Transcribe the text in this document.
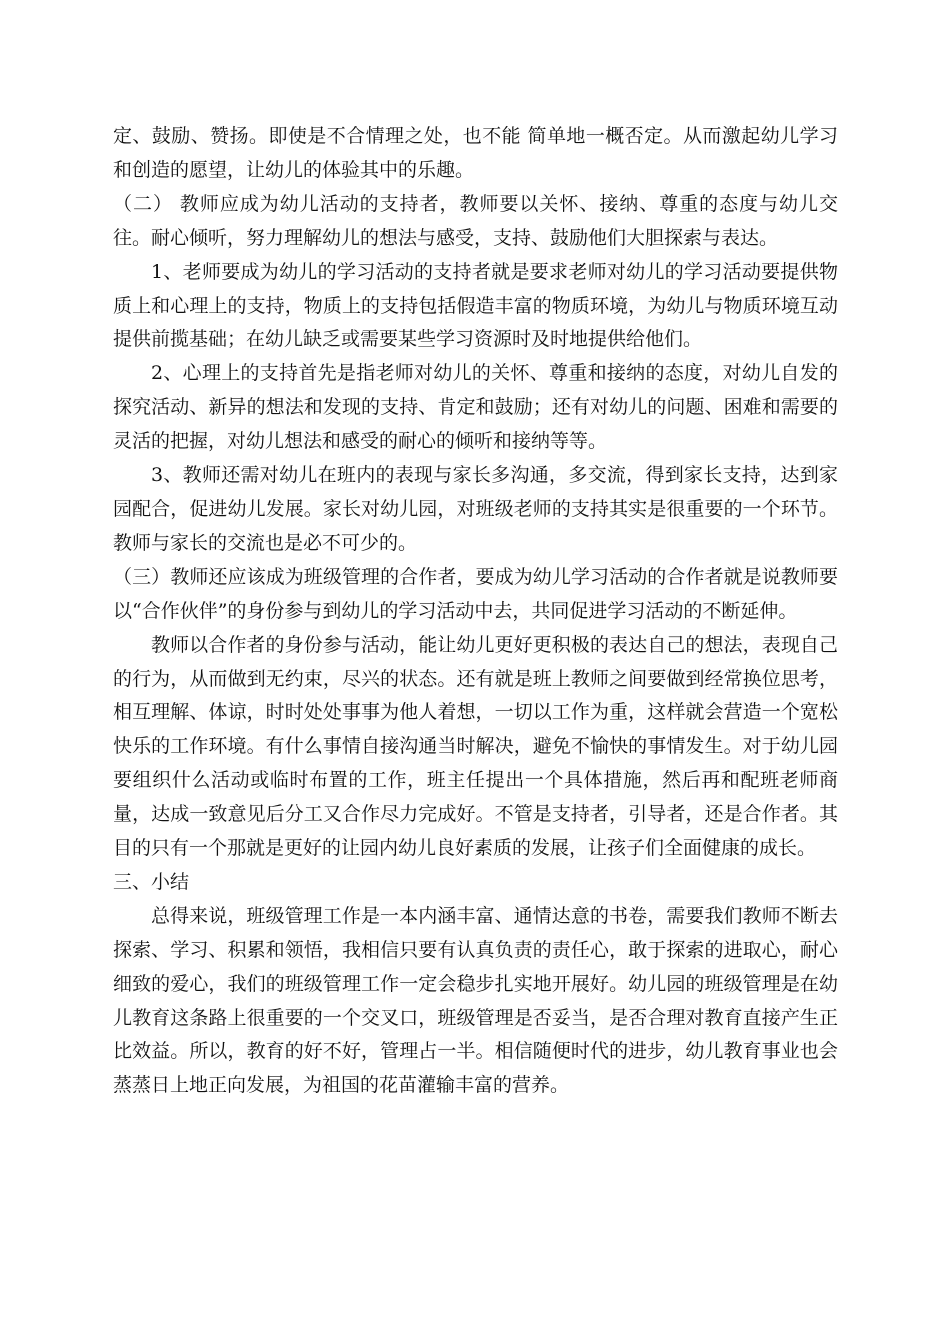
定、鼓励、赞扬。即使是不合情理之处，也不能 简单地一概否定。从而激起幼儿学习和创造的愿望，让幼儿的体验其中的乐趣。

（二） 教师应成为幼儿活动的支持者，教师要以关怀、接纳、尊重的态度与幼儿交往。耐心倾听，努力理解幼儿的想法与感受，支持、鼓励他们大胆探索与表达。

1、老师要成为幼儿的学习活动的支持者就是要求老师对幼儿的学习活动要提供物质上和心理上的支持，物质上的支持包括假造丰富的物质环境，为幼儿与物质环境互动提供前揽基础；在幼儿缺乏或需要某些学习资源时及时地提供给他们。

2、心理上的支持首先是指老师对幼儿的关怀、尊重和接纳的态度，对幼儿自发的探究活动、新异的想法和发现的支持、肯定和鼓励；还有对幼儿的问题、困难和需要的灵活的把握，对幼儿想法和感受的耐心的倾听和接纳等等。

3、教师还需对幼儿在班内的表现与家长多沟通，多交流，得到家长支持，达到家园配合，促进幼儿发展。家长对幼儿园，对班级老师的支持其实是很重要的一个环节。教师与家长的交流也是必不可少的。

（三）教师还应该成为班级管理的合作者，要成为幼儿学习活动的合作者就是说教师要以“合作伙伴”的身份参与到幼儿的学习活动中去，共同促进学习活动的不断延伸。

教师以合作者的身份参与活动，能让幼儿更好更积极的表达自己的想法，表现自己的行为，从而做到无约束，尽兴的状态。还有就是班上教师之间要做到经常换位思考，相互理解、体谅，时时处处事事为他人着想，一切以工作为重，这样就会营造一个宽松快乐的工作环境。有什么事情自接沟通当时解决，避免不愉快的事情发生。对于幼儿园要组织什么活动或临时布置的工作，班主任提出一个具体措施，然后再和配班老师商量，达成一致意见后分工又合作尽力完成好。不管是支持者，引导者，还是合作者。其目的只有一个那就是更好的让园内幼儿良好素质的发展，让孩子们全面健康的成长。

三、小结

总得来说，班级管理工作是一本内涵丰富、通情达意的书卷，需要我们教师不断去探索、学习、积累和领悟，我相信只要有认真负责的责任心，敢于探索的进取心，耐心细致的爱心，我们的班级管理工作一定会稳步扎实地开展好。幼儿园的班级管理是在幼儿教育这条路上很重要的一个交叉口，班级管理是否妥当，是否合理对教育直接产生正比效益。所以，教育的好不好，管理占一半。相信随便时代的进步，幼儿教育事业也会蒸蒸日上地正向发展，为祖国的花苗灌输丰富的营养。
